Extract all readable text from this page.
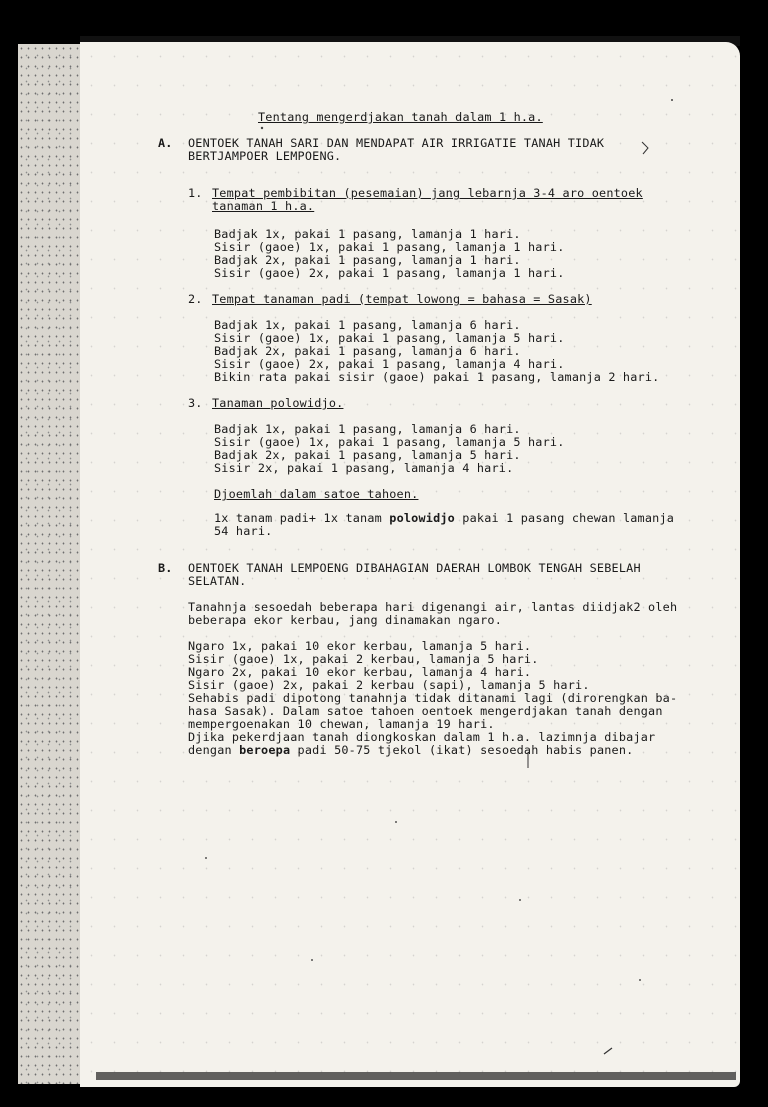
Tentang mengerdjakan tanah dalam 1 h.a.
A. OENTOEK TANAH SARI DAN MENDAPAT AIR IRRIGATIE TANAH TIDAK
BERTJAMPOER LEMPOENG.
1. Tempat pembibitan (pesemaian) jang lebarnja 3-4 aro oentoek
tanaman 1 h.a.
Badjak 1x, pakai 1 pasang, lamanja 1 hari.
Sisir (gaoe) 1x, pakai 1 pasang, lamanja 1 hari.
Badjak 2x, pakai 1 pasang, lamanja 1 hari.
Sisir (gaoe) 2x, pakai 1 pasang, lamanja 1 hari.
2. Tempat tanaman padi (tempat lowong = bahasa = Sasak)
Badjak 1x, pakai 1 pasang, lamanja 6 hari.
Sisir (gaoe) 1x, pakai 1 pasang, lamanja 5 hari.
Badjak 2x, pakai 1 pasang, lamanja 6 hari.
Sisir (gaoe) 2x, pakai 1 pasang, lamanja 4 hari.
Bikin rata pakai sisir (gaoe) pakai 1 pasang, lamanja 2 hari.
3. Tanaman polowidjo.
Badjak 1x, pakai 1 pasang, lamanja 6 hari.
Sisir (gaoe) 1x, pakai 1 pasang, lamanja 5 hari.
Badjak 2x, pakai 1 pasang, lamanja 5 hari.
Sisir 2x, pakai 1 pasang, lamanja 4 hari.
Djoemlah dalam satoe tahoen.
1x tanam padi+ 1x tanam polowidjo pakai 1 pasang chewan lamanja
54 hari.
B. OENTOEK TANAH LEMPOENG DIBAHAGIAN DAERAH LOMBOK TENGAH SEBELAH
SELATAN.
Tanahnja sesoedah beberapa hari digenangi air, lantas diidjak2 oleh
beberapa ekor kerbau, jang dinamakan ngaro.
Ngaro 1x, pakai 10 ekor kerbau, lamanja 5 hari.
Sisir (gaoe) 1x, pakai 2 kerbau, lamanja 5 hari.
Ngaro 2x, pakai 10 ekor kerbau, lamanja 4 hari.
Sisir (gaoe) 2x, pakai 2 kerbau (sapi), lamanja 5 hari.
Sehabis padi dipotong tanahnja tidak ditanami lagi (dirorengkan ba-
hasa Sasak). Dalam satoe tahoen oentoek mengerdjakan tanah dengan
mempergoenakan 10 chewan, lamanja 19 hari.
Djika pekerdjaan tanah diongkoskan dalam 1 h.a. lazimnja dibajar
dengan beroepa padi 50-75 tjekol (ikat) sesoedah habis panen.
